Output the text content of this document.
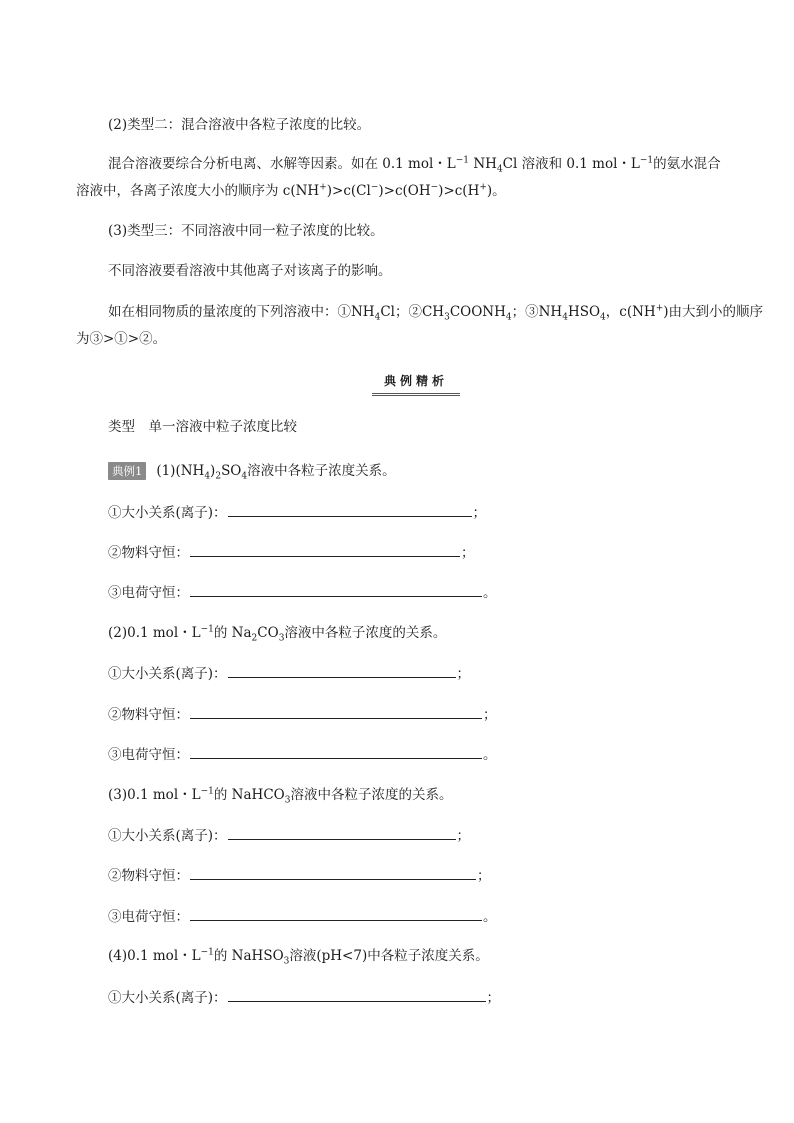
(2)类型二：混合溶液中各粒子浓度的比较。
混合溶液要综合分析电离、水解等因素。如在 0.1 mol・$L^{-1}$ $NH_4Cl$ 溶液和 0.1 mol・$L^{-1}$的氨水混合
溶液中，各离子浓度大小的顺序为 c(NH+)>c(Cl−)>c(OH−)>c(H+)。
(3)类型三：不同溶液中同一粒子浓度的比较。
不同溶液要看溶液中其他离子对该离子的影响。
如在相同物质的量浓度的下列溶液中：$①NH_4Cl$；$②CH_3COONH_4$；$③NH_4HSO_4$，c(NH+)由大到小的顺序
为③>①>②。
典例精析
类型　单一溶液中粒子浓度比较
典例1 $(1)(NH_4)_2SO_4$溶液中各粒子浓度关系。
①大小关系(离子)：	；
②物料守恒：	；
③电荷守恒：	。
(2)0.1 mol・$L^{-1}$的 $Na_2CO_3$溶液中各粒子浓度的关系。
①大小关系(离子)：	；
②物料守恒：	；
③电荷守恒：	。
(3)0.1 mol・$L^{-1}$的 NaHCO$_3$溶液中各粒子浓度的关系。
①大小关系(离子)：	；
②物料守恒：	；
③电荷守恒：	。
(4)0.1 mol・$L^{-1}$的 NaHSO$_3$溶液(pH<7)中各粒子浓度关系。
①大小关系(离子)：	；
